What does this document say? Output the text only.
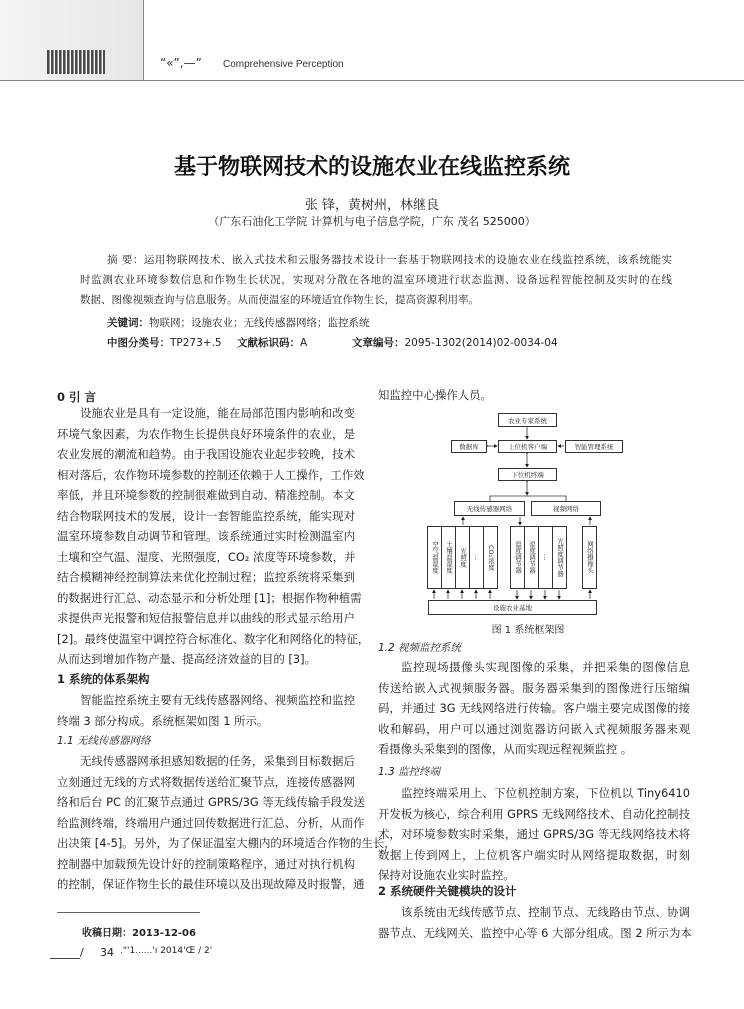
“«”,—” Comprehensive Perception
基于物联网技术的设施农业在线监控系统
张 锋，黄树州，林继良
（广东石油化工学院 计算机与电子信息学院，广东 茂名 525000）
摘 要：运用物联网技术、嵌入式技术和云服务器技术设计一套基于物联网技术的设施农业在线监控系统，该系统能实
时监测农业环境参数信息和作物生长状况，实现对分散在各地的温室环境进行状态监测、设备远程智能控制及实时的在线
数据、图像视频查询与信息服务。从而使温室的环境适宜作物生长，提高资源利用率。
关键词：物联网；设施农业；无线传感器网络；监控系统
中图分类号：TP273+.5 文献标识码：A	文章编号：2095-1302(2014)02-0034-04
0 引 言
设施农业是具有一定设施，能在局部范围内影响和改变
环境气象因素，为农作物生长提供良好环境条件的农业，是
农业发展的潮流和趋势。由于我国设施农业起步较晚，技术
相对落后，农作物环境参数的控制还依赖于人工操作，工作效
率低，并且环境参数的控制很难做到自动、精准控制。本文
结合物联网技术的发展，设计一套智能监控系统，能实现对
温室环境参数自动调节和管理。该系统通过实时检测温室内
土壤和空气温、湿度、光照强度，CO₂ 浓度等环境参数，并
结合模糊神经控制算法来优化控制过程；监控系统将采集到
的数据进行汇总、动态显示和分析处理 [1]；根据作物种植需
求提供声光报警和短信报警信息并以曲线的形式显示给用户
[2]。最终使温室中调控符合标准化、数字化和网络化的特征，
从而达到增加作物产量、提高经济效益的目的 [3]。
1 系统的体系架构
智能监控系统主要有无线传感器网络、视频监控和监控
终端 3 部分构成。系统框架如图 1 所示。
1.1 无线传感器网络
无线传感器网承担感知数据的任务，采集到目标数据后
立刻通过无线的方式将数据传送给汇聚节点，连接传感器网
络和后台 PC 的汇聚节点通过 GPRS/3G 等无线传输手段发送
给监测终端，终端用户通过回传数据进行汇总、分析，从而作
出决策 [4-5]。另外，为了保证温室大棚内的环境适合作物的生长，
控制器中加载预先设计好的控制策略程序，通过对执行机构
的控制，保证作物生长的最佳环境以及出现故障及时报警，通
知监控中心操作人员。
农业专家系统
数据库	上位机客户端	智能管理系统
下位机终端
无线传感器网络	视频网络
空气温湿度 土壤温湿度 光照度 … CO₂浓度	温度调节器 湿度调节器 … 光照度调节器	网络摄像头
设施农业基地
图 1 系统框架图
1.2 视频监控系统
监控现场摄像头实现图像的采集，并把采集的图像信息
传送给嵌入式视频服务器。服务器采集到的图像进行压缩编
码，并通过 3G 无线网络进行传输。客户端主要完成图像的接
收和解码，用户可以通过浏览器访问嵌入式视频服务器来观
看摄像头采集到的图像，从而实现远程视频监控 。
1.3 监控终端
监控终端采用上、下位机控制方案，下位机以 Tiny6410
开发板为核心，综合利用 GPRS 无线网络技术、自动化控制技
术，对环境参数实时采集，通过 GPRS/3G 等无线网络技术将
数据上传到网上，上位机客户端实时从网络提取数据，时刻
保持对设施农业实时监控。
2 系统硬件关键模块的设计
该系统由无线传感节点、控制节点、无线路由节点、协调
器节点、无线网关、监控中心等 6 大部分组成。图 2 所示为本
收稿日期：2013-12-06
/ 34 ."'1......'ı 2014'Œ / 2'
